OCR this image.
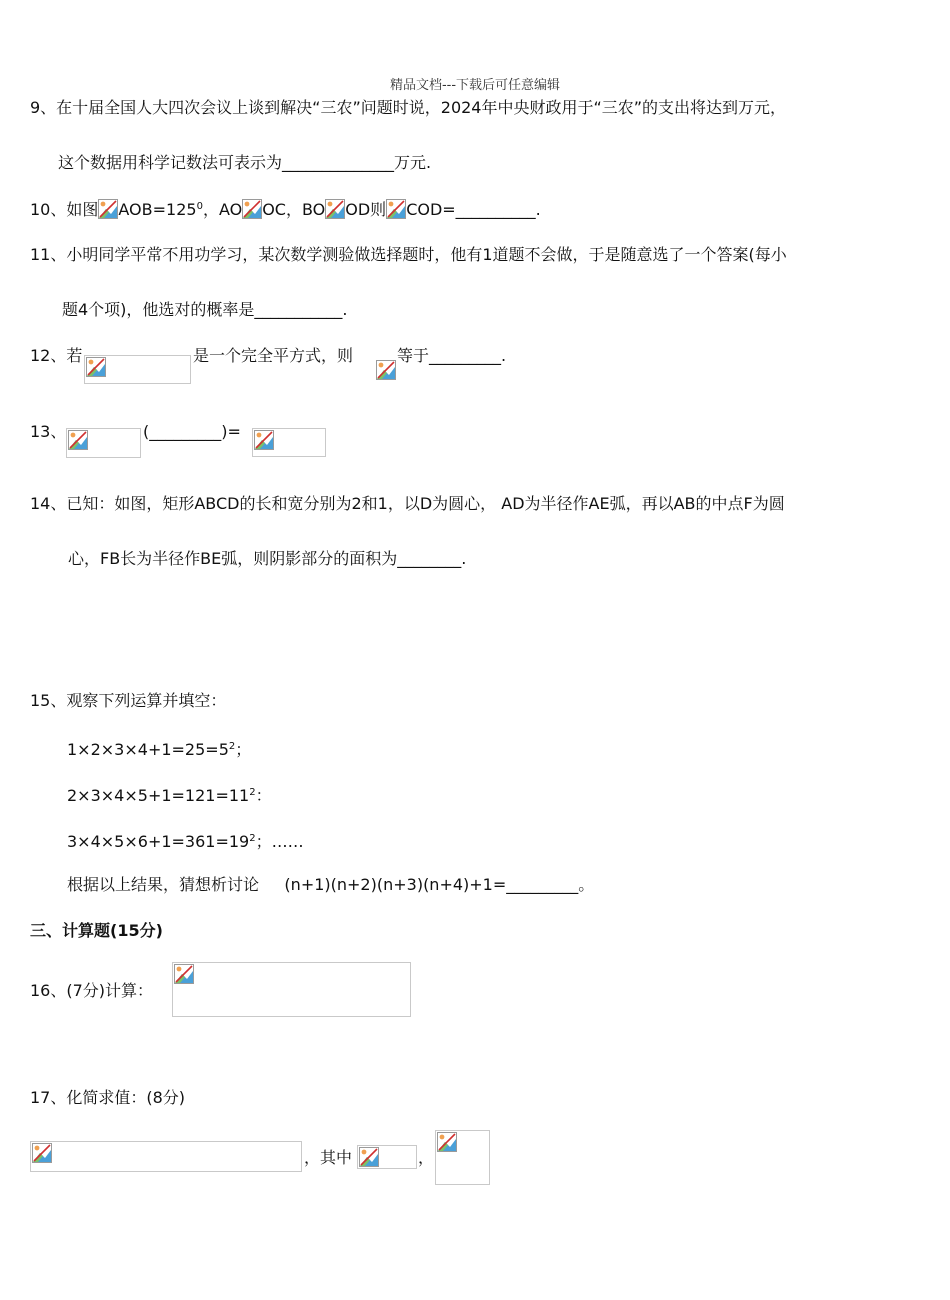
精品文档---下载后可任意编辑
9、在十届全国人大四次会议上谈到解决“三农”问题时说，2024年中央财政用于“三农”的支出将达到万元，
这个数据用科学记数法可表示为______________万元.
10、如图 $AOB=125^0$，AO OC，BO OD则 COD=__________.
11、小明同学平常不用功学习，某次数学测验做选择题时，他有1道题不会做，于是随意选了一个答案(每小
题4个项)，他选对的概率是___________.
12、若	是一个完全平方式，则	等于_________.
13、	(_________)=
14、已知：如图，矩形ABCD的长和宽分别为2和1，以D为圆心， AD为半径作AE弧，再以AB的中点F为圆
心，FB长为半径作BE弧，则阴影部分的面积为________.
15、观察下列运算并填空：
$1\times 2\times 3\times 4+1=25=5^2$；
$2\times 3\times 4\times 5+1=121=11^2$：
$3\times 4\times 5\times 6+1=361=19^2$；……
根据以上结果，猜想析讨论     (n+1)(n+2)(n+3)(n+4)+1=_________。
三、计算题(15分)
16、(7分)计算：
17、化简求值：(8分)
，其中	，
